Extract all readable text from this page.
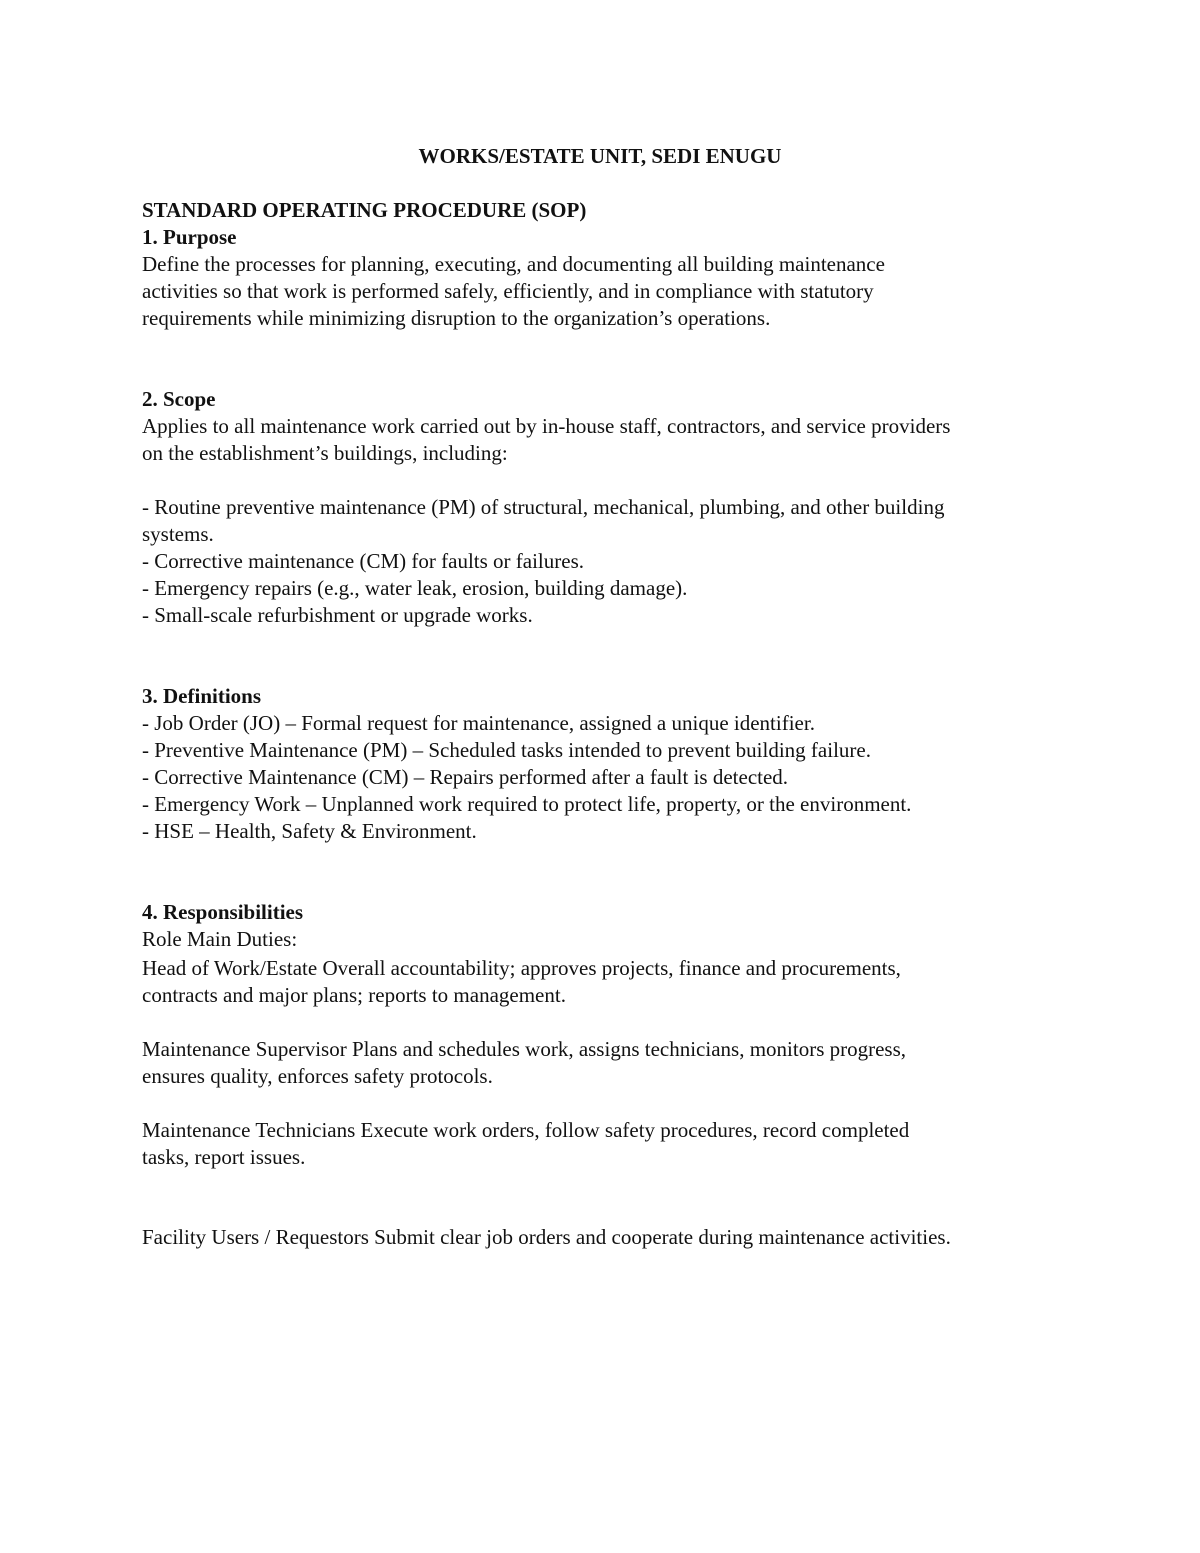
WORKS/ESTATE UNIT, SEDI ENUGU
STANDARD OPERATING PROCEDURE (SOP)
1. Purpose
Define the processes for planning, executing, and documenting all building maintenance
activities so that work is performed safely, efficiently, and in compliance with statutory
requirements while minimizing disruption to the organization’s operations.
2. Scope
Applies to all maintenance work carried out by in-house staff, contractors, and service providers
on the establishment’s buildings, including:
- Routine preventive maintenance (PM) of structural, mechanical, plumbing, and other building
systems.
- Corrective maintenance (CM) for faults or failures.
- Emergency repairs (e.g., water leak, erosion, building damage).
- Small-scale refurbishment or upgrade works.
3. Definitions
- Job Order (JO) – Formal request for maintenance, assigned a unique identifier.
- Preventive Maintenance (PM) – Scheduled tasks intended to prevent building failure.
- Corrective Maintenance (CM) – Repairs performed after a fault is detected.
- Emergency Work – Unplanned work required to protect life, property, or the environment.
- HSE – Health, Safety & Environment.
4. Responsibilities
Role Main Duties:
Head of Work/Estate Overall accountability; approves projects, finance and procurements,
contracts and major plans; reports to management.
Maintenance Supervisor Plans and schedules work, assigns technicians, monitors progress,
ensures quality, enforces safety protocols.
Maintenance Technicians Execute work orders, follow safety procedures, record completed
tasks, report issues.
Facility Users / Requestors Submit clear job orders and cooperate during maintenance activities.
